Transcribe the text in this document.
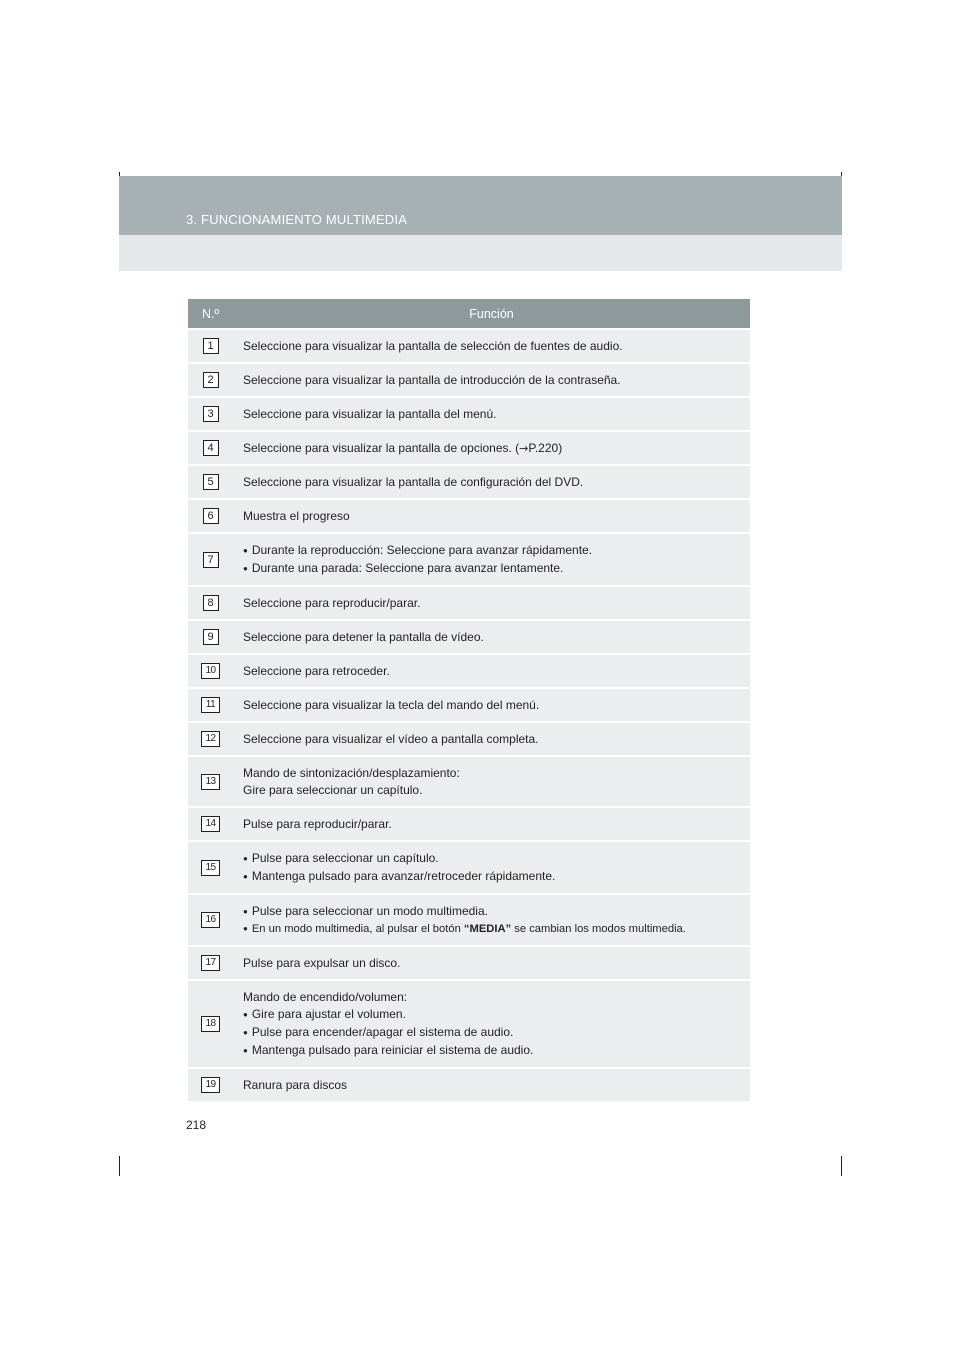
3. FUNCIONAMIENTO MULTIMEDIA
N.º	Función
1	Seleccione para visualizar la pantalla de selección de fuentes de audio.
2	Seleccione para visualizar la pantalla de introducción de la contraseña.
3	Seleccione para visualizar la pantalla del menú.
4	Seleccione para visualizar la pantalla de opciones. (→P.220)
5	Seleccione para visualizar la pantalla de configuración del DVD.
6	Muestra el progreso
7	● Durante la reproducción: Seleccione para avanzar rápidamente.
● Durante una parada: Seleccione para avanzar lentamente.

8	Seleccione para reproducir/parar.
9	Seleccione para detener la pantalla de vídeo.
10	Seleccione para retroceder.
11	Seleccione para visualizar la tecla del mando del menú.
12	Seleccione para visualizar el vídeo a pantalla completa.
13	Mando de sintonización/desplazamiento:
Gire para seleccionar un capítulo.

14	Pulse para reproducir/parar.
15	● Pulse para seleccionar un capítulo.
● Mantenga pulsado para avanzar/retroceder rápidamente.

16	● Pulse para seleccionar un modo multimedia.
● En un modo multimedia, al pulsar el botón “MEDIA” se cambian los modos multimedia.

17	Pulse para expulsar un disco.
18	Mando de encendido/volumen:
● Gire para ajustar el volumen.
● Pulse para encender/apagar el sistema de audio.
● Mantenga pulsado para reiniciar el sistema de audio.

19	Ranura para discos
218
